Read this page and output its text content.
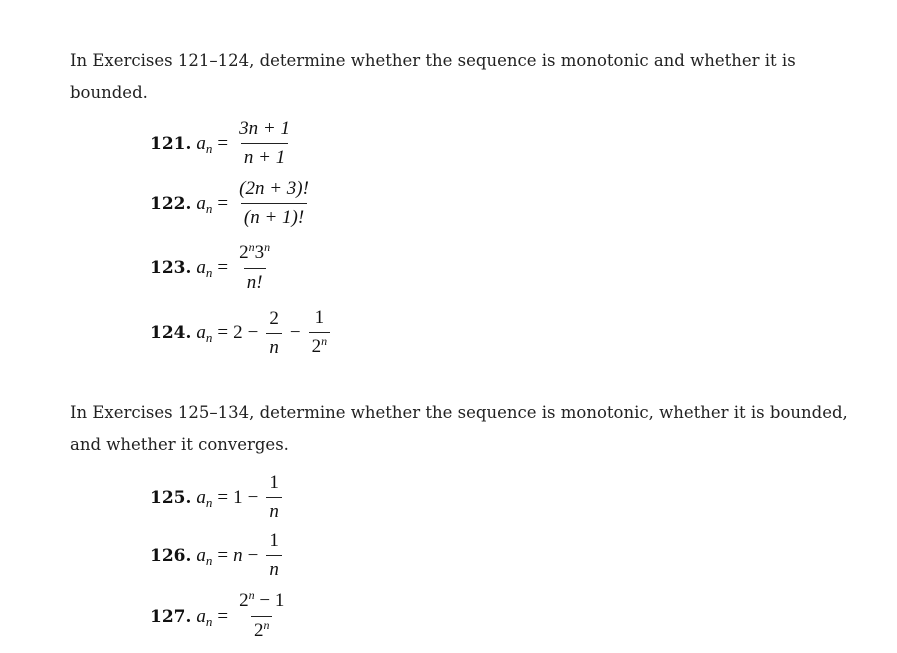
In Exercises 121–124, determine whether the sequence is monotonic and whether it is bounded.

121. a $n = \frac{3n + 1}{n + 1}$
122. a $n = \frac{(2n + 3)!}{(n + 1)!}$
123. a $n = \frac{2^n3^n}{n!}$
124. a $n = 2 - \frac{2}{n} - \frac{1}{2^n}$

In Exercises 125–134, determine whether the sequence is monotonic, whether it is bounded, and whether it converges.

125. a $n = 1 - \frac{1}{n}$
126. a $n = n - \frac{1}{n}$
127. a $n = \frac{2^n - 1}{2^n}$
